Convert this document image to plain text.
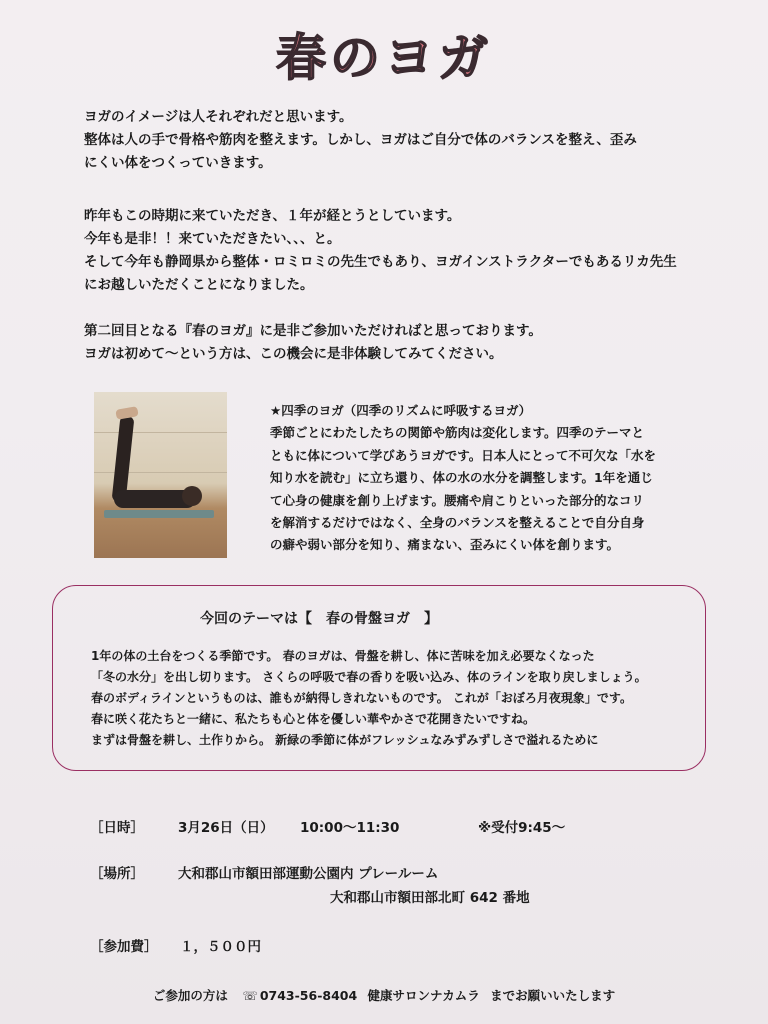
春のヨガ
ヨガのイメージは人それぞれだと思います。
整体は人の手で骨格や筋肉を整えます。しかし、ヨガはご自分で体のバランスを整え、歪み
にくい体をつくっていきます。
昨年もこの時期に来ていただき、１年が経とうとしています。
今年も是非！！来ていただきたい、、、と。
そして今年も静岡県から整体・ロミロミの先生でもあり、ヨガインストラクターでもあるリカ先生
にお越しいただくことになりました。
第二回目となる『春のヨガ』に是非ご参加いただければと思っております。
ヨガは初めて〜という方は、この機会に是非体験してみてください。
★四季のヨガ（四季のリズムに呼吸するヨガ）
季節ごとにわたしたちの関節や筋肉は変化します。四季のテーマと
ともに体について学びあうヨガです。日本人にとって不可欠な「水を
知り水を読む」に立ち還り、体の水の水分を調整します。1年を通じ
て心身の健康を創り上げます。腰痛や肩こりといった部分的なコリ
を解消するだけではなく、全身のバランスを整えることで自分自身
の癖や弱い部分を知り、痛まない、歪みにくい体を創ります。
今回のテーマは【　春の骨盤ヨガ　】
1年の体の土台をつくる季節です。 春のヨガは、骨盤を耕し、体に苦味を加え必要なくなった
「冬の水分」を出し切ります。 さくらの呼吸で春の香りを吸い込み、体のラインを取り戻しましょう。
春のボディラインというものは、誰もが納得しきれないものです。 これが「おぼろ月夜現象」です。
春に咲く花たちと一緒に、私たちも心と体を優しい華やかさで花開きたいですね。
まずは骨盤を耕し、土作りから。 新緑の季節に体がフレッシュなみずみずしさで溢れるために
［日時］	3月26日（日） 10:00〜11:30	※受付9:45〜
［場所］	大和郡山市額田部運動公園内 プレールーム
大和郡山市額田部北町 642 番地
［参加費］ １，５００円
ご参加の方は ☏ 0743-56-8404 健康サロンナカムラ までお願いいたします
